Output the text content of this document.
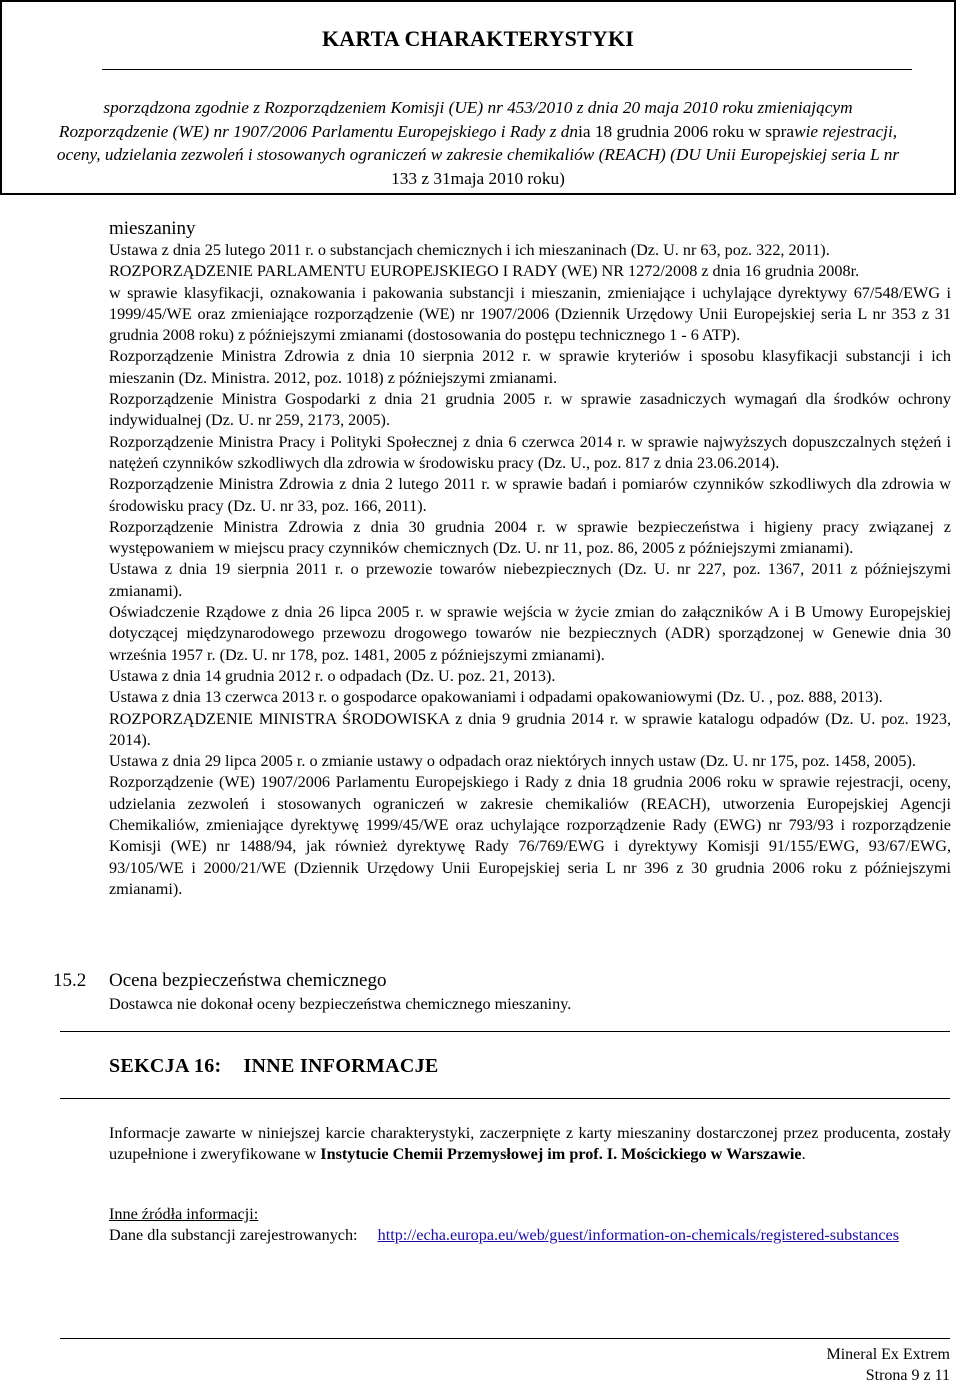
KARTA CHARAKTERYSTYKI
sporządzona zgodnie z Rozporządzeniem Komisji (UE) nr 453/2010 z dnia 20 maja 2010 roku zmieniającym
Rozporządzenie (WE) nr 1907/2006 Parlamentu Europejskiego i Rady z dnia 18 grudnia 2006 roku w sprawie rejestracji,
oceny, udzielania zezwoleń i stosowanych ograniczeń w zakresie chemikaliów (REACH) (DU Unii Europejskiej seria L nr
133 z 31maja 2010 roku)
mieszaniny

Ustawa z dnia 25 lutego 2011 r. o substancjach chemicznych i ich mieszaninach (Dz. U. nr 63, poz. 322, 2011).

ROZPORZĄDZENIE PARLAMENTU EUROPEJSKIEGO I RADY (WE) NR 1272/2008 z dnia 16 grudnia 2008r.

w sprawie klasyfikacji, oznakowania i pakowania substancji i mieszanin, zmieniające i uchylające dyrektywy 67/548/EWG i 1999/45/WE oraz zmieniające rozporządzenie (WE) nr 1907/2006 (Dziennik Urzędowy Unii Europejskiej seria L nr 353 z 31 grudnia 2008 roku) z późniejszymi zmianami (dostosowania do postępu technicznego 1 - 6 ATP).

Rozporządzenie Ministra Zdrowia z dnia 10 sierpnia 2012 r. w sprawie kryteriów i sposobu klasyfikacji substancji i ich mieszanin (Dz. Ministra. 2012, poz. 1018) z późniejszymi zmianami.

Rozporządzenie Ministra Gospodarki z dnia 21 grudnia 2005 r. w sprawie zasadniczych wymagań dla środków ochrony indywidualnej (Dz. U. nr 259, 2173, 2005).

Rozporządzenie Ministra Pracy i Polityki Społecznej z dnia 6 czerwca 2014 r. w sprawie najwyższych dopuszczalnych stężeń i natężeń czynników szkodliwych dla zdrowia w środowisku pracy (Dz. U., poz. 817 z dnia 23.06.2014).

Rozporządzenie Ministra Zdrowia z dnia 2 lutego 2011 r. w sprawie badań i pomiarów czynników szkodliwych dla zdrowia w środowisku pracy (Dz. U. nr 33, poz. 166, 2011).

Rozporządzenie Ministra Zdrowia z dnia 30 grudnia 2004 r. w sprawie bezpieczeństwa i higieny pracy związanej z występowaniem w miejscu pracy czynników chemicznych (Dz. U. nr 11, poz. 86, 2005 z późniejszymi zmianami).

Ustawa z dnia 19 sierpnia 2011 r. o przewozie towarów niebezpiecznych (Dz. U. nr 227, poz. 1367, 2011 z późniejszymi zmianami).

Oświadczenie Rządowe z dnia 26 lipca 2005 r. w sprawie wejścia w życie zmian do załączników A i B Umowy Europejskiej dotyczącej międzynarodowego przewozu drogowego towarów nie bezpiecznych (ADR) sporządzonej w Genewie dnia 30 września 1957 r. (Dz. U. nr 178, poz. 1481, 2005 z późniejszymi zmianami).

Ustawa z dnia 14 grudnia 2012 r. o odpadach (Dz. U. poz. 21, 2013).

Ustawa z dnia 13 czerwca 2013 r. o gospodarce opakowaniami i odpadami opakowaniowymi (Dz. U. , poz. 888, 2013).

ROZPORZĄDZENIE MINISTRA ŚRODOWISKA z dnia 9 grudnia 2014 r. w sprawie katalogu odpadów (Dz. U. poz. 1923, 2014).

Ustawa z dnia 29 lipca 2005 r. o zmianie ustawy o odpadach oraz niektórych innych ustaw (Dz. U. nr 175, poz. 1458, 2005).

Rozporządzenie (WE) 1907/2006 Parlamentu Europejskiego i Rady z dnia 18 grudnia 2006 roku w sprawie rejestracji, oceny, udzielania zezwoleń i stosowanych ograniczeń w zakresie chemikaliów (REACH), utworzenia Europejskiej Agencji Chemikaliów, zmieniające dyrektywę 1999/45/WE oraz uchylające rozporządzenie Rady (EWG) nr 793/93 i rozporządzenie Komisji (WE) nr 1488/94, jak również dyrektywę Rady 76/769/EWG i dyrektywy Komisji 91/155/EWG, 93/67/EWG, 93/105/WE i 2000/21/WE (Dziennik Urzędowy Unii Europejskiej seria L nr 396 z 30 grudnia 2006 roku z późniejszymi zmianami).

15.2 Ocena bezpieczeństwa chemicznego

Dostawca nie dokonał oceny bezpieczeństwa chemicznego mieszaniny.

SEKCJA 16: INNE INFORMACJE

Informacje zawarte w niniejszej karcie charakterystyki, zaczerpnięte z karty mieszaniny dostarczonej przez producenta, zostały uzupełnione i zweryfikowane w Instytucie Chemii Przemysłowej im prof. I. Mościckiego w Warszawie.

Inne źródła informacji:

Dane dla substancji zarejestrowanych: http://echa.europa.eu/web/guest/information-on-chemicals/registered-substances

Mineral Ex Extrem
Strona 9 z 11
